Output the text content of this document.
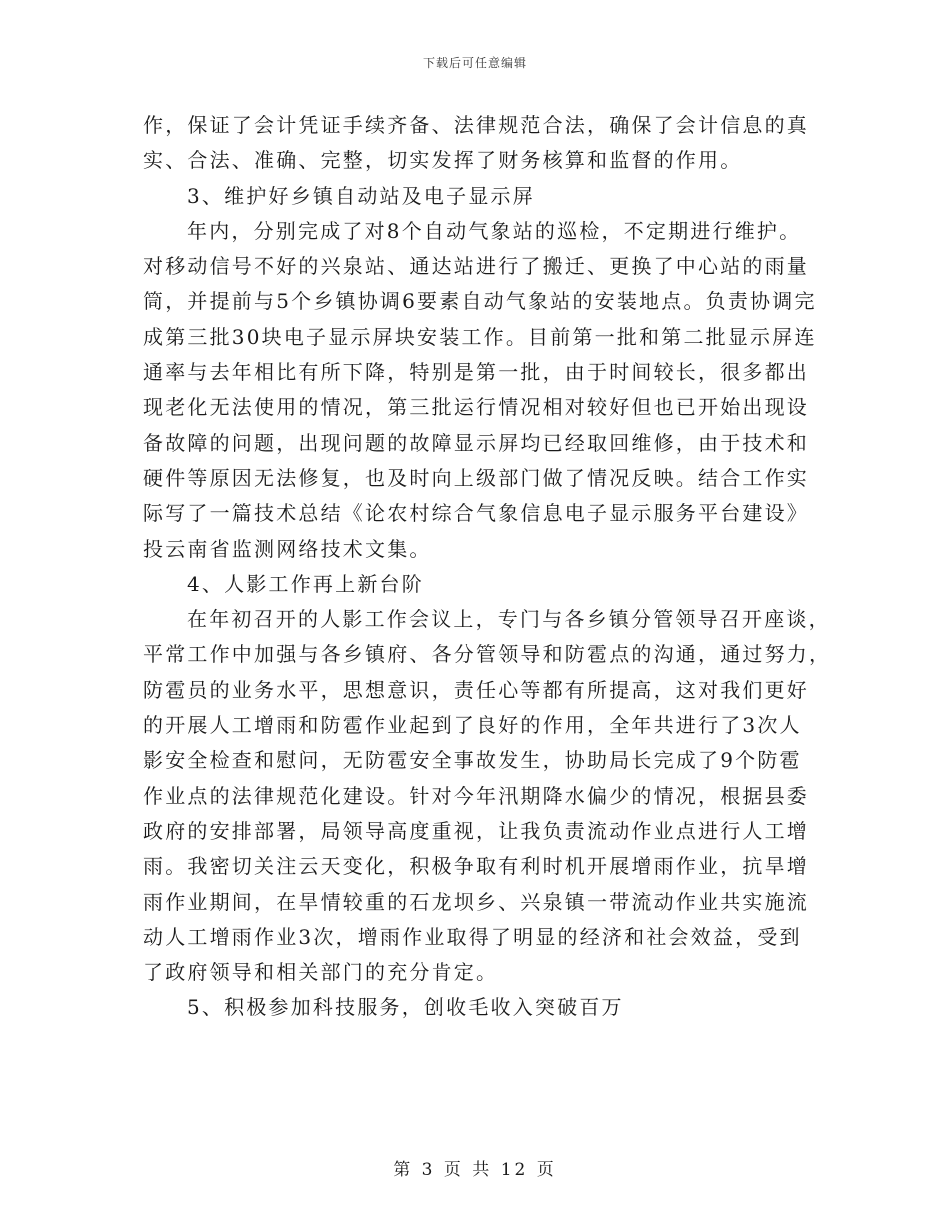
下载后可任意编辑
作，保证了会计凭证手续齐备、法律规范合法，确保了会计信息的真
实、合法、准确、完整，切实发挥了财务核算和监督的作用。
3、维护好乡镇自动站及电子显示屏
年内，分别完成了对8个自动气象站的巡检，不定期进行维护。
对移动信号不好的兴泉站、通达站进行了搬迁、更换了中心站的雨量
筒，并提前与5个乡镇协调6要素自动气象站的安装地点。负责协调完
成第三批30块电子显示屏块安装工作。目前第一批和第二批显示屏连
通率与去年相比有所下降，特别是第一批，由于时间较长，很多都出
现老化无法使用的情况，第三批运行情况相对较好但也已开始出现设
备故障的问题，出现问题的故障显示屏均已经取回维修，由于技术和
硬件等原因无法修复，也及时向上级部门做了情况反映。结合工作实
际写了一篇技术总结《论农村综合气象信息电子显示服务平台建设》
投云南省监测网络技术文集。
4、人影工作再上新台阶
在年初召开的人影工作会议上，专门与各乡镇分管领导召开座谈，
平常工作中加强与各乡镇府、各分管领导和防雹点的沟通，通过努力，
防雹员的业务水平，思想意识，责任心等都有所提高，这对我们更好
的开展人工增雨和防雹作业起到了良好的作用，全年共进行了3次人
影安全检查和慰问，无防雹安全事故发生，协助局长完成了9个防雹
作业点的法律规范化建设。针对今年汛期降水偏少的情况，根据县委
政府的安排部署，局领导高度重视，让我负责流动作业点进行人工增
雨。我密切关注云天变化，积极争取有利时机开展增雨作业，抗旱增
雨作业期间，在旱情较重的石龙坝乡、兴泉镇一带流动作业共实施流
动人工增雨作业3次，增雨作业取得了明显的经济和社会效益，受到
了政府领导和相关部门的充分肯定。
5、积极参加科技服务，创收毛收入突破百万
第 3 页 共 12 页
